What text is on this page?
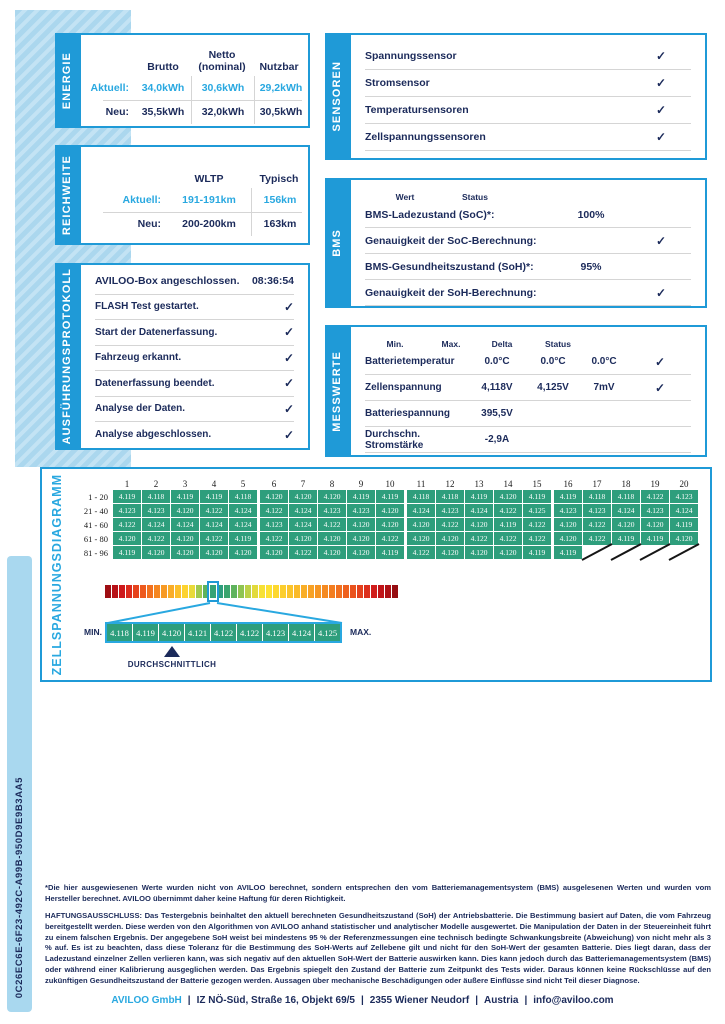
0C26EC6E-6F23-492C-A99B-950D9E9B3AA5
ENERGIE	Brutto
Netto
(nominal)	Nutzbar
Aktuell:	34,0kWh	30,6kWh	29,2kWh
Neu:	35,5kWh	32,0kWh	30,5kWh
REICHWEITE	WLTP	Typisch
Aktuell:	191-191km	156km
Neu:	200-200km	163km
AUSFÜHRUNGSPROTOKOLL AVILOO-Box angeschlossen.	08:36:54
FLASH Test gestartet.	✓
Start der Datenerfassung.	✓
Fahrzeug erkannt.	✓
Datenerfassung beendet.	✓
Analyse der Daten.	✓
Analyse abgeschlossen.	✓
SENSOREN
Spannungssensor	✓
Stromsensor	✓
Temperatursensoren	✓
Zellspannungssensoren	✓
BMS
Wert	Status
BMS-Ladezustand (SoC)*:	100%
Genauigkeit der SoC-Berechnung:	✓
BMS-Gesundheitszustand (SoH)*:	95%
Genauigkeit der SoH-Berechnung:	✓
MESSWERTE
Min.	Max.	Delta	Status
Batterietemperatur	0.0°C	0.0°C	0.0°C	✓
Zellenspannung	4,118V	4,125V	7mV	✓
Batteriespannung	395,5V
Durchschn. Stromstärke	-2,9A
ZELLSPANNUNGSDIAGRAMM	1	2	3	4	5	6	7	8	9	10	11	12	13	14	15	16	17	18	19	20
1 - 20	4.119	4.118	4.119	4.119	4.118	4.120	4.120	4.120	4.119	4.119	4.118	4.118	4.119	4.120	4.119	4.119	4.118	4.118	4.122	4.123
21 - 40	4.123	4.123	4.120	4.122	4.124	4.122	4.124	4.123	4.123	4.120	4.124	4.123	4.124	4.122	4.125	4.123	4.123	4.124	4.123	4.124
41 - 60	4.122	4.124	4.124	4.124	4.124	4.123	4.124	4.122	4.120	4.120	4.120	4.122	4.120	4.119	4.122	4.120	4.122	4.120	4.120	4.119
61 - 80	4.120	4.122	4.120	4.122	4.119	4.122	4.120	4.120	4.120	4.122	4.120	4.120	4.122	4.122	4.122	4.120	4.122	4.119	4.119	4.120
81 - 96	4.119	4.120	4.120	4.120	4.120	4.120	4.122	4.120	4.120	4.119	4.122	4.120	4.120	4.120	4.119	4.119
MIN. 4.118 4.119 4.120 4.121 4.122 4.122 4.123 4.124 4.125	MAX.
DURCHSCHNITTLICH
*Die hier ausgewiesenen Werte wurden nicht von AVILOO berechnet, sondern entsprechen den vom Batteriemanagementsystem (BMS) ausgelesenen Werten und wurden vom Hersteller berechnet. AVILOO übernimmt daher keine Haftung für deren Richtigkeit.
HAFTUNGSAUSSCHLUSS: Das Testergebnis beinhaltet den aktuell berechneten Gesundheitszustand (SoH) der Antriebsbatterie. Die Bestimmung basiert auf Daten, die vom Fahrzeug bereitgestellt werden. Diese werden von den Algorithmen von AVILOO anhand statistischer und analytischer Modelle ausgewertet. Die Manipulation der Daten in der Steuereinheit führt zu einem falschen Ergebnis. Der angegebene SoH weist bei mindestens 95 % der Referenzmessungen eine technisch bedingte Schwankungsbreite (Abweichung) von nicht mehr als 3 % auf. Es ist zu beachten, dass diese Toleranz für die Bestimmung des SoH-Werts auf Zellebene gilt und nicht für den SoH-Wert der gesamten Batterie. Dies liegt daran, dass der Ladezustand einzelner Zellen verlieren kann, was sich negativ auf den aktuellen SoH-Wert der Batterie auswirken kann. Dies kann jedoch durch das Batteriemanagementsystem (BMS) oder während einer Kalibrierung ausgeglichen werden. Das Ergebnis spiegelt den Zustand der Batterie zum Zeitpunkt des Tests wider. Daraus können keine Rückschlüsse auf den zukünftigen Gesundheitszustand der Batterie gezogen werden. Aussagen über mechanische Beschädigungen oder äußere Einflüsse sind nicht Teil dieser Diagnose.
AVILOO GmbH | IZ NÖ-Süd, Straße 16, Objekt 69/5 | 2355 Wiener Neudorf | Austria | info@aviloo.com
